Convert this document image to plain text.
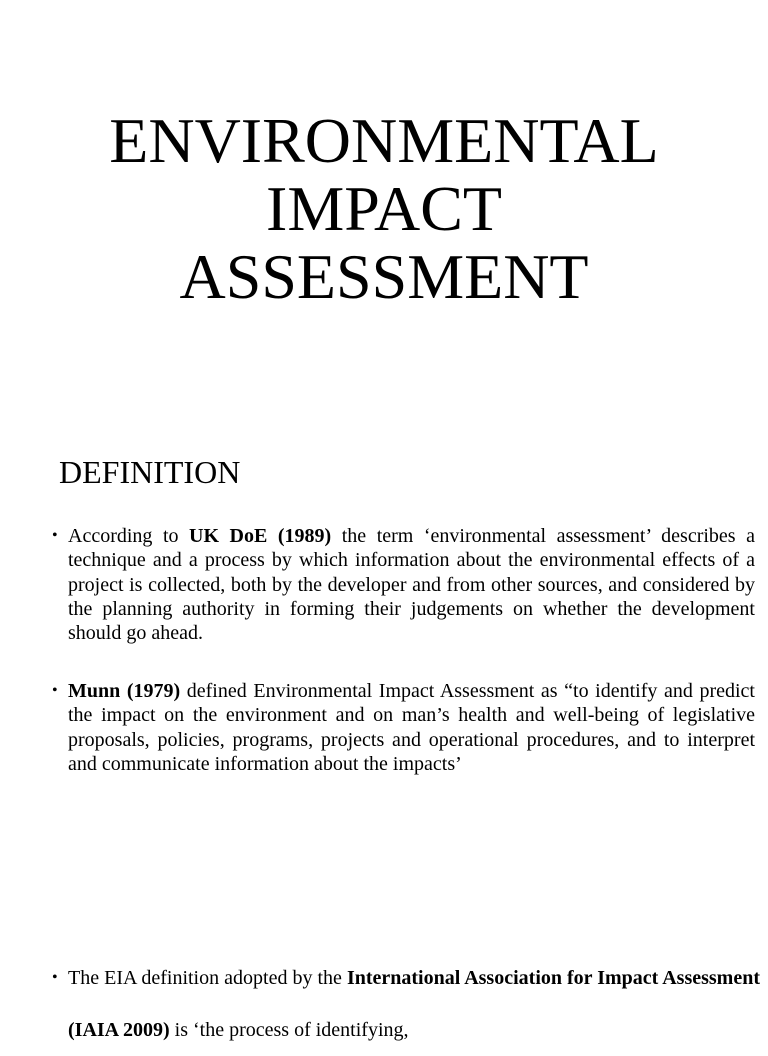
ENVIRONMENTAL
IMPACT
ASSESSMENT
DEFINITION
• According to UK DoE (1989) the term ‘environmental assessment’ describes a technique and a process by which information about the environmental effects of a project is collected, both by the developer and from other sources, and considered by the planning authority in forming their judgements on whether the development should go ahead.
• Munn (1979) defined Environmental Impact Assessment as “to identify and predict the impact on the environment and on man’s health and well-being of legislative proposals, policies, programs, projects and operational procedures, and to interpret and communicate information about the impacts’
• The EIA definition adopted by the International Association for Impact Assessment (IAIA 2009) is ‘the process of identifying,
